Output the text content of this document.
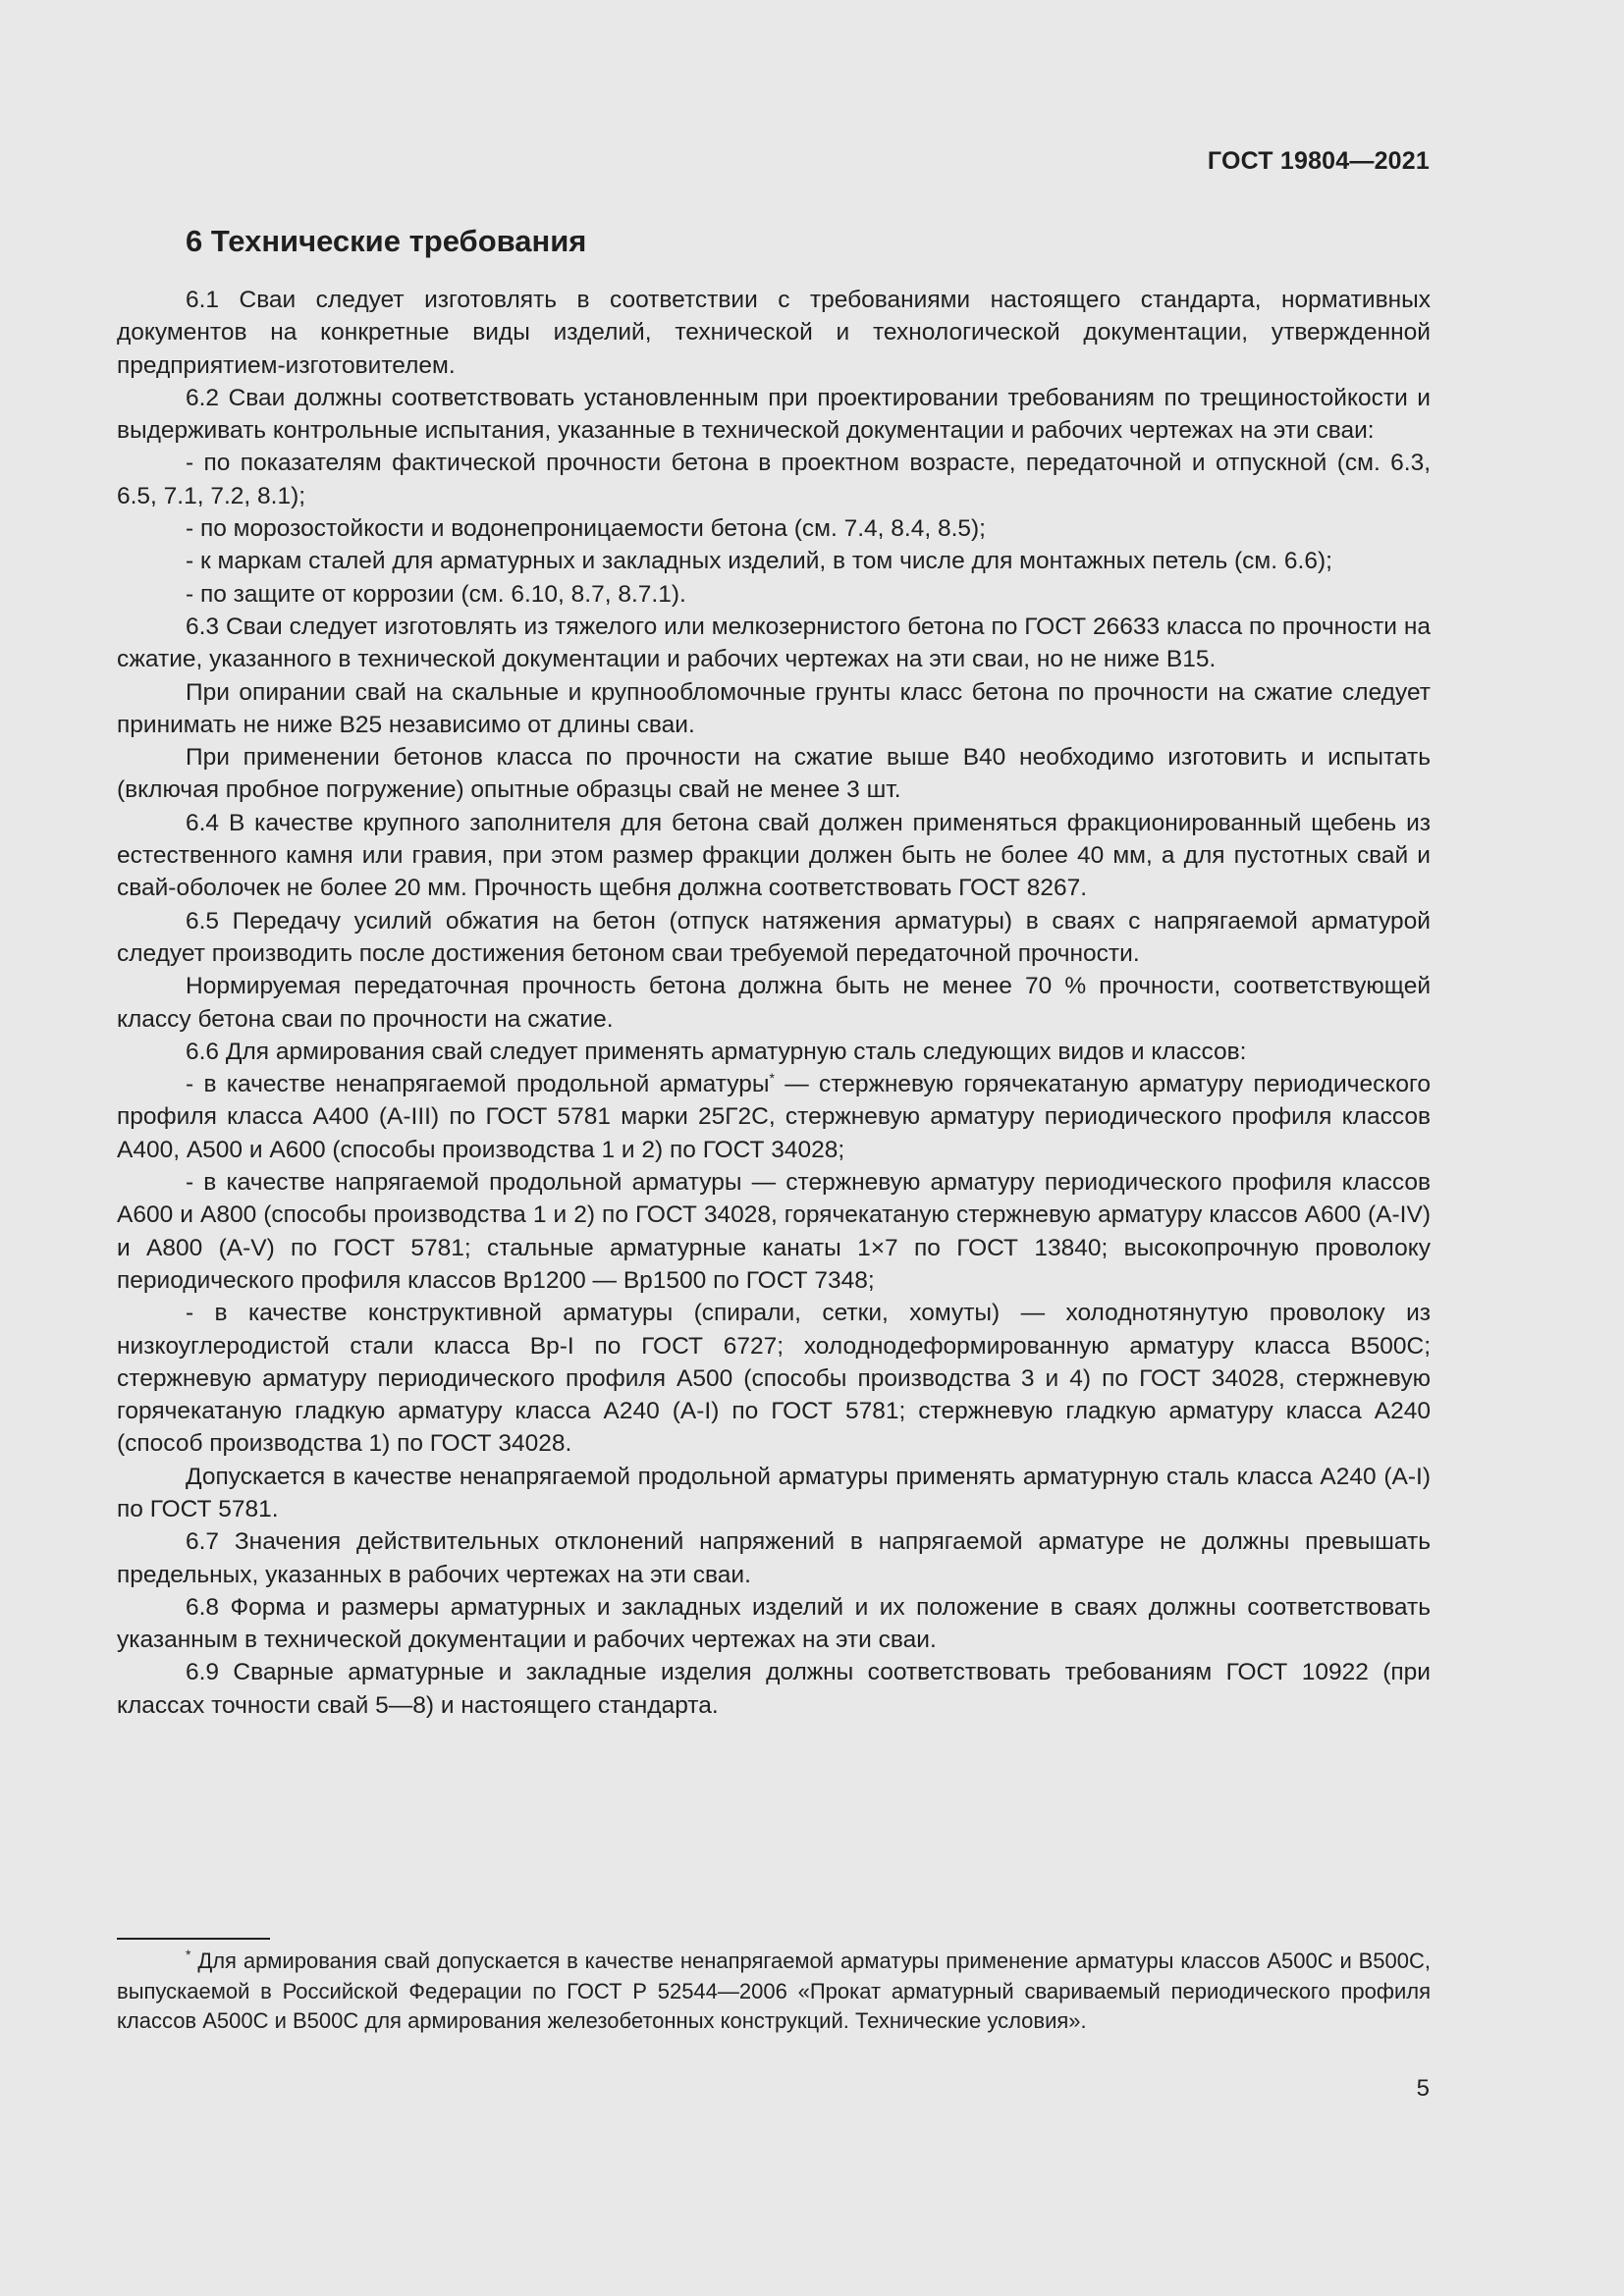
ГОСТ 19804—2021
6 Технические требования

6.1 Сваи следует изготовлять в соответствии с требованиями настоящего стандарта, нормативных документов на конкретные виды изделий, технической и технологической документации, утвержденной предприятием-изготовителем.

6.2 Сваи должны соответствовать установленным при проектировании требованиям по трещиностойкости и выдерживать контрольные испытания, указанные в технической документации и рабочих чертежах на эти сваи:

- по показателям фактической прочности бетона в проектном возрасте, передаточной и отпускной (см. 6.3, 6.5, 7.1, 7.2, 8.1);

- по морозостойкости и водонепроницаемости бетона (см. 7.4, 8.4, 8.5);

- к маркам сталей для арматурных и закладных изделий, в том числе для монтажных петель (см. 6.6);

- по защите от коррозии (см. 6.10, 8.7, 8.7.1).

6.3 Сваи следует изготовлять из тяжелого или мелкозернистого бетона по ГОСТ 26633 класса по прочности на сжатие, указанного в технической документации и рабочих чертежах на эти сваи, но не ниже В15.

При опирании свай на скальные и крупнообломочные грунты класс бетона по прочности на сжатие следует принимать не ниже В25 независимо от длины сваи.

При применении бетонов класса по прочности на сжатие выше В40 необходимо изготовить и испытать (включая пробное погружение) опытные образцы свай не менее 3 шт.

6.4 В качестве крупного заполнителя для бетона свай должен применяться фракционированный щебень из естественного камня или гравия, при этом размер фракции должен быть не более 40 мм, а для пустотных свай и свай-оболочек не более 20 мм. Прочность щебня должна соответствовать ГОСТ 8267.

6.5 Передачу усилий обжатия на бетон (отпуск натяжения арматуры) в сваях с напрягаемой арматурой следует производить после достижения бетоном сваи требуемой передаточной прочности.

Нормируемая передаточная прочность бетона должна быть не менее 70 % прочности, соответствующей классу бетона сваи по прочности на сжатие.

6.6 Для армирования свай следует применять арматурную сталь следующих видов и классов:

- в качестве ненапрягаемой продольной арматуры* — стержневую горячекатаную арматуру периодического профиля класса А400 (А-III) по ГОСТ 5781 марки 25Г2С, стержневую арматуру периодического профиля классов А400, А500 и А600 (способы производства 1 и 2) по ГОСТ 34028;

- в качестве напрягаемой продольной арматуры — стержневую арматуру периодического профиля классов А600 и А800 (способы производства 1 и 2) по ГОСТ 34028, горячекатаную стержневую арматуру классов А600 (А-IV) и А800 (А-V) по ГОСТ 5781; стальные арматурные канаты 1×7 по ГОСТ 13840; высокопрочную проволоку периодического профиля классов Вр1200 — Вр1500 по ГОСТ 7348;

- в качестве конструктивной арматуры (спирали, сетки, хомуты) — холоднотянутую проволоку из низкоуглеродистой стали класса Вр-I по ГОСТ 6727; холоднодеформированную арматуру класса В500С; стержневую арматуру периодического профиля А500 (способы производства 3 и 4) по ГОСТ 34028, стержневую горячекатаную гладкую арматуру класса А240 (А-I) по ГОСТ 5781; стержневую гладкую арматуру класса А240 (способ производства 1) по ГОСТ 34028.

Допускается в качестве ненапрягаемой продольной арматуры применять арматурную сталь класса А240 (А-I) по ГОСТ 5781.

6.7 Значения действительных отклонений напряжений в напрягаемой арматуре не должны превышать предельных, указанных в рабочих чертежах на эти сваи.

6.8 Форма и размеры арматурных и закладных изделий и их положение в сваях должны соответствовать указанным в технической документации и рабочих чертежах на эти сваи.

6.9 Сварные арматурные и закладные изделия должны соответствовать требованиям ГОСТ 10922 (при классах точности свай 5—8) и настоящего стандарта.

* Для армирования свай допускается в качестве ненапрягаемой арматуры применение арматуры классов А500С и В500С, выпускаемой в Российской Федерации по ГОСТ Р 52544—2006 «Прокат арматурный свариваемый периодического профиля классов А500С и В500С для армирования железобетонных конструкций. Технические условия».

5
